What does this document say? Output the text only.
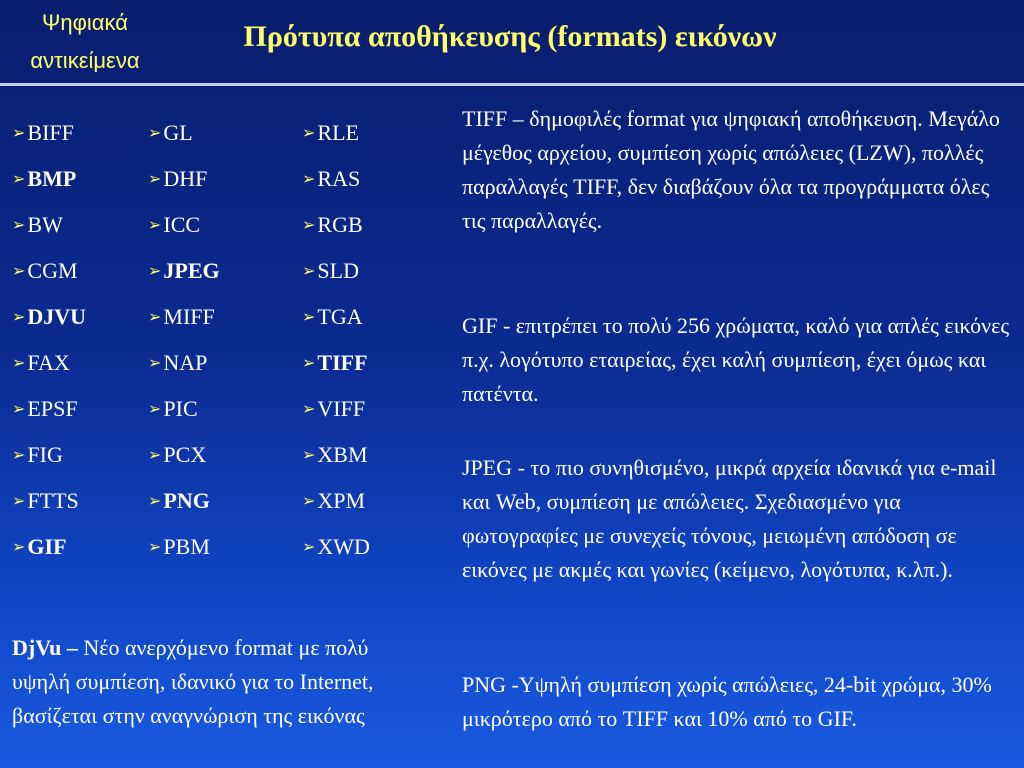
Ψηφιακά
αντικείμενα
Πρότυπα αποθήκευσης (formats) εικόνων
➢BIFF
➢BMP
➢BW
➢CGM
➢DJVU
➢FAX
➢EPSF
➢FIG
➢FTTS
➢GIF
➢GL
➢DHF
➢ICC
➢JPEG
➢MIFF
➢NAP
➢PIC
➢PCX
➢PNG
➢PBM
➢RLE
➢RAS
➢RGB
➢SLD
➢TGA
➢TIFF
➢VIFF
➢XBM
➢XPM
➢XWD
TIFF – δημοφιλές format για ψηφιακή αποθήκευση. Μεγάλο μέγεθος αρχείου, συμπίεση χωρίς απώλειες (LZW), πολλές παραλλαγές TIFF, δεν διαβάζουν όλα τα προγράμματα όλες τις παραλλαγές.
GIF - επιτρέπει το πολύ 256 χρώματα, καλό για απλές εικόνες π.χ. λογότυπο εταιρείας, έχει καλή συμπίεση, έχει όμως και πατέντα.
JPEG - το πιο συνηθισμένο, μικρά αρχεία ιδανικά για e-mail και Web, συμπίεση με απώλειες. Σχεδιασμένο για φωτογραφίες με συνεχείς τόνους, μειωμένη απόδοση σε εικόνες με ακμές και γωνίες (κείμενο, λογότυπα, κ.λπ.).
PNG -Υψηλή συμπίεση χωρίς απώλειες, 24-bit χρώμα, 30% μικρότερο από το TIFF και 10% από το GIF.
DjVu – Νέο ανερχόμενο format με πολύ υψηλή συμπίεση, ιδανικό για το Internet, βασίζεται στην αναγνώριση της εικόνας
